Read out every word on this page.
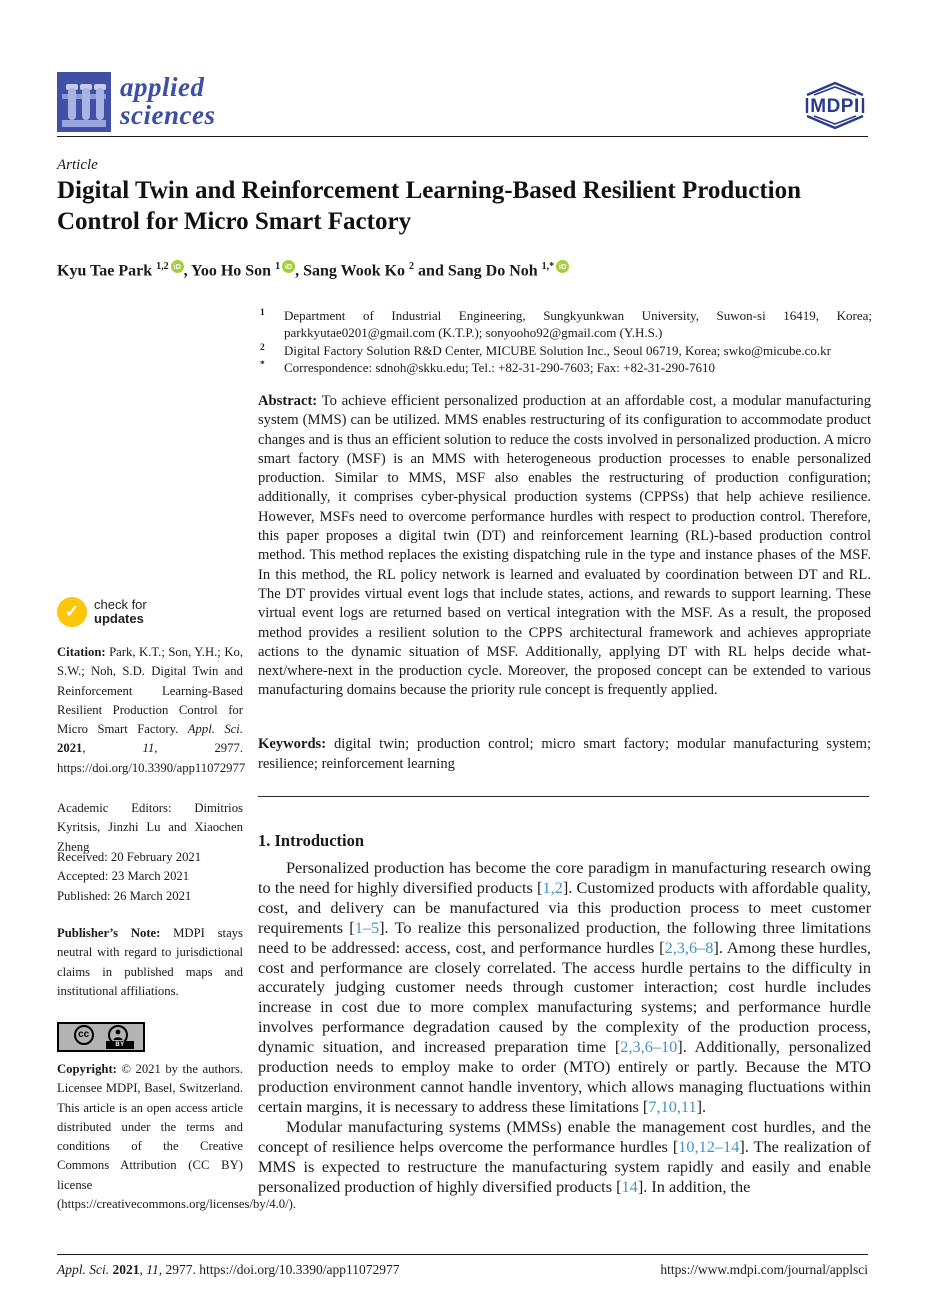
applied
sciences	MDPI
Article
Digital Twin and Reinforcement Learning-Based Resilient Production Control for Micro Smart Factory
Kyu Tae Park $^{1,2}$ iD , Yoo Ho Son $^1$ iD , Sang Wook Ko $^2$ and Sang Do Noh $^{1,*}$ iD
1	Department of Industrial Engineering, Sungkyunkwan University, Suwon-si 16419, Korea; parkkyutae0201@gmail.com (K.T.P.); sonyooho92@gmail.com (Y.H.S.)
2	Digital Factory Solution R&D Center, MICUBE Solution Inc., Seoul 06719, Korea; swko@micube.co.kr
*	Correspondence: sdnoh@skku.edu; Tel.: +82-31-290-7603; Fax: +82-31-290-7610
Abstract: To achieve efficient personalized production at an affordable cost, a modular manufacturing system (MMS) can be utilized. MMS enables restructuring of its configuration to accommodate product changes and is thus an efficient solution to reduce the costs involved in personalized production. A micro smart factory (MSF) is an MMS with heterogeneous production processes to enable personalized production. Similar to MMS, MSF also enables the restructuring of production configuration; additionally, it comprises cyber-physical production systems (CPPSs) that help achieve resilience. However, MSFs need to overcome performance hurdles with respect to production control. Therefore, this paper proposes a digital twin (DT) and reinforcement learning (RL)-based production control method. This method replaces the existing dispatching rule in the type and instance phases of the MSF. In this method, the RL policy network is learned and evaluated by coordination between DT and RL. The DT provides virtual event logs that include states, actions, and rewards to support learning. These virtual event logs are returned based on vertical integration with the MSF. As a result, the proposed method provides a resilient solution to the CPPS architectural framework and achieves appropriate actions to the dynamic situation of MSF. Additionally, applying DT with RL helps decide what-next/where-next in the production cycle. Moreover, the proposed concept can be extended to various manufacturing domains because the priority rule concept is frequently applied.
Keywords: digital twin; production control; micro smart factory; modular manufacturing system; resilience; reinforcement learning
1. Introduction

Personalized production has become the core paradigm in manufacturing research owing to the need for highly diversified products [1,2]. Customized products with affordable quality, cost, and delivery can be manufactured via this production process to meet customer requirements [1–5]. To realize this personalized production, the following three limitations need to be addressed: access, cost, and performance hurdles [2,3,6–8]. Among these hurdles, cost and performance are closely correlated. The access hurdle pertains to the difficulty in accurately judging customer needs through customer interaction; cost hurdle includes increase in cost due to more complex manufacturing systems; and performance hurdle involves performance degradation caused by the complexity of the production process, dynamic situation, and increased preparation time [2,3,6–10]. Additionally, personalized production needs to employ make to order (MTO) entirely or partly. Because the MTO production environment cannot handle inventory, which allows managing fluctuations within certain margins, it is necessary to address these limitations [7,10,11].

Modular manufacturing systems (MMSs) enable the management cost hurdles, and the concept of resilience helps overcome the performance hurdles [10,12–14]. The realization of MMS is expected to restructure the manufacturing system rapidly and easily and enable personalized production of highly diversified products [14]. In addition, the

✓	check for
updates
Citation: Park, K.T.; Son, Y.H.; Ko, S.W.; Noh, S.D. Digital Twin and Reinforcement Learning-Based Resilient Production Control for Micro Smart Factory. Appl. Sci. 2021, 11, 2977. https://doi.org/10.3390/app11072977
Academic Editors: Dimitrios Kyritsis, Jinzhi Lu and Xiaochen Zheng
Received: 20 February 2021
Accepted: 23 March 2021
Published: 26 March 2021
Publisher’s Note: MDPI stays neutral with regard to jurisdictional claims in published maps and institutional affiliations.
cc
BY
Copyright: © 2021 by the authors. Licensee MDPI, Basel, Switzerland. This article is an open access article distributed under the terms and conditions of the Creative Commons Attribution (CC BY) license (https://creativecommons.org/licenses/by/4.0/).
Appl. Sci. 2021, 11, 2977. https://doi.org/10.3390/app11072977	https://www.mdpi.com/journal/applsci
